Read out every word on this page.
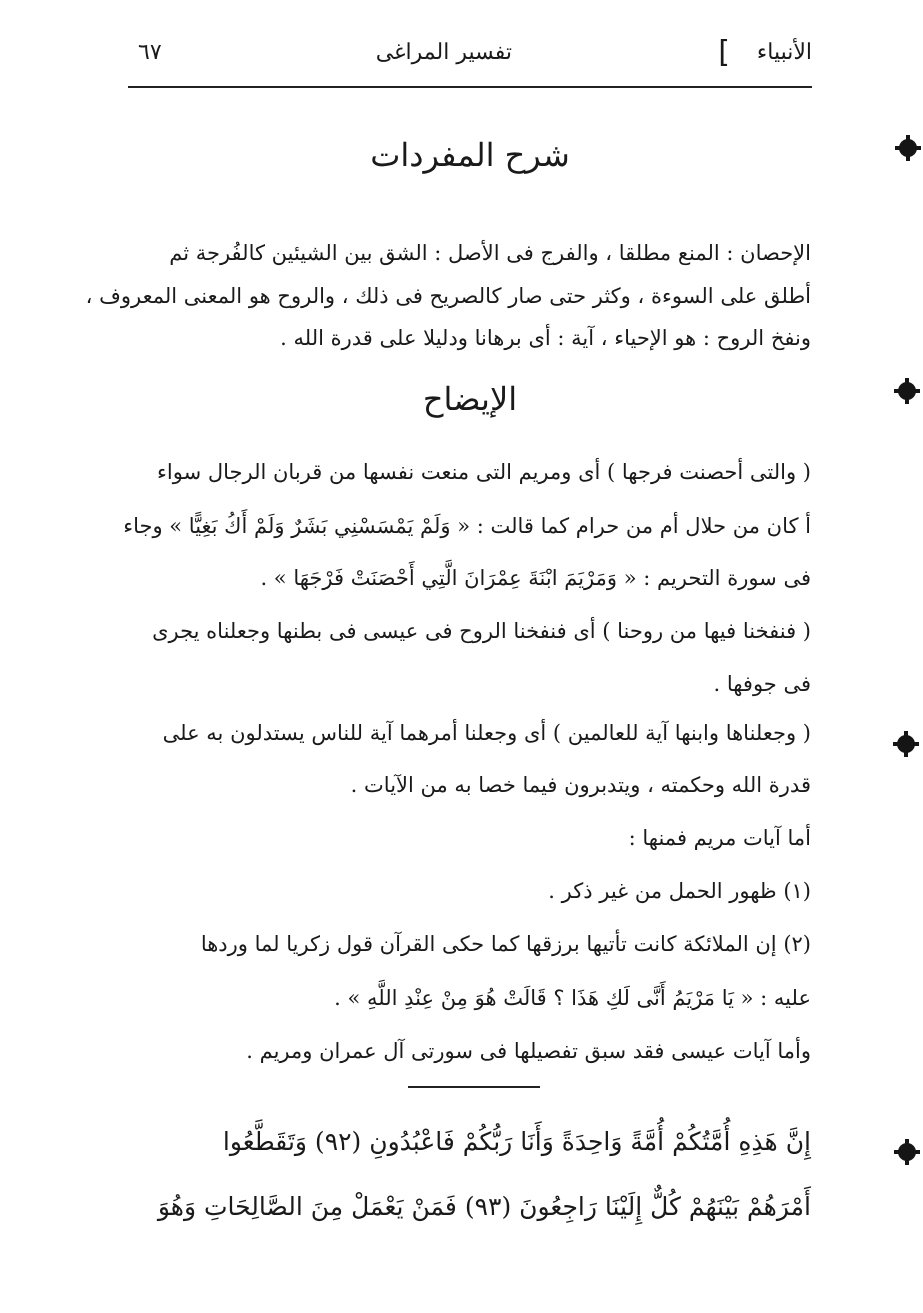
الأنبياء
]
تفسير المراغى
٦٧
شرح المفردات
الإحصان : المنع مطلقا ، والفرج فى الأصل : الشق بين الشيئين كالفُرجة ثم
أطلق على السوءة ، وكثر حتى صار كالصريح فى ذلك ، والروح هو المعنى المعروف ،
ونفخ الروح : هو الإحياء ، آية : أى برهانا ودليلا على قدرة الله .
الإيضاح
( والتى أحصنت فرجها ) أى ومريم التى منعت نفسها من قربان الرجال سواء
أ كان من حلال أم من حرام كما قالت : « وَلَمْ يَمْسَسْنِي بَشَرٌ وَلَمْ أَكُ بَغِيًّا » وجاء
فى سورة التحريم : « وَمَرْيَمَ ابْنَةَ عِمْرَانَ الَّتِي أَحْصَنَتْ فَرْجَهَا » .
( فنفخنا فيها من روحنا ) أى فنفخنا الروح فى عيسى فى بطنها وجعلناه يجرى
فى جوفها .
( وجعلناها وابنها آية للعالمين ) أى وجعلنا أمرهما آية للناس يستدلون به على
قدرة الله وحكمته ، ويتدبرون فيما خصا به من الآيات .
أما آيات مريم فمنها :
(١) ظهور الحمل من غير ذكر .
(٢) إن الملائكة كانت تأتيها برزقها كما حكى القرآن قول زكريا لما وردها
عليه : « يَا مَرْيَمُ أَنَّى لَكِ هَذَا ؟ قَالَتْ هُوَ مِنْ عِنْدِ اللَّهِ » .
وأما آيات عيسى فقد سبق تفصيلها فى سورتى آل عمران ومريم .
إِنَّ هَذِهِ أُمَّتُكُمْ أُمَّةً وَاحِدَةً وَأَنَا رَبُّكُمْ فَاعْبُدُونِ (٩٢) وَتَقَطَّعُوا
أَمْرَهُمْ بَيْنَهُمْ كُلٌّ إِلَيْنَا رَاجِعُونَ (٩٣) فَمَنْ يَعْمَلْ مِنَ الصَّالِحَاتِ وَهُوَ
